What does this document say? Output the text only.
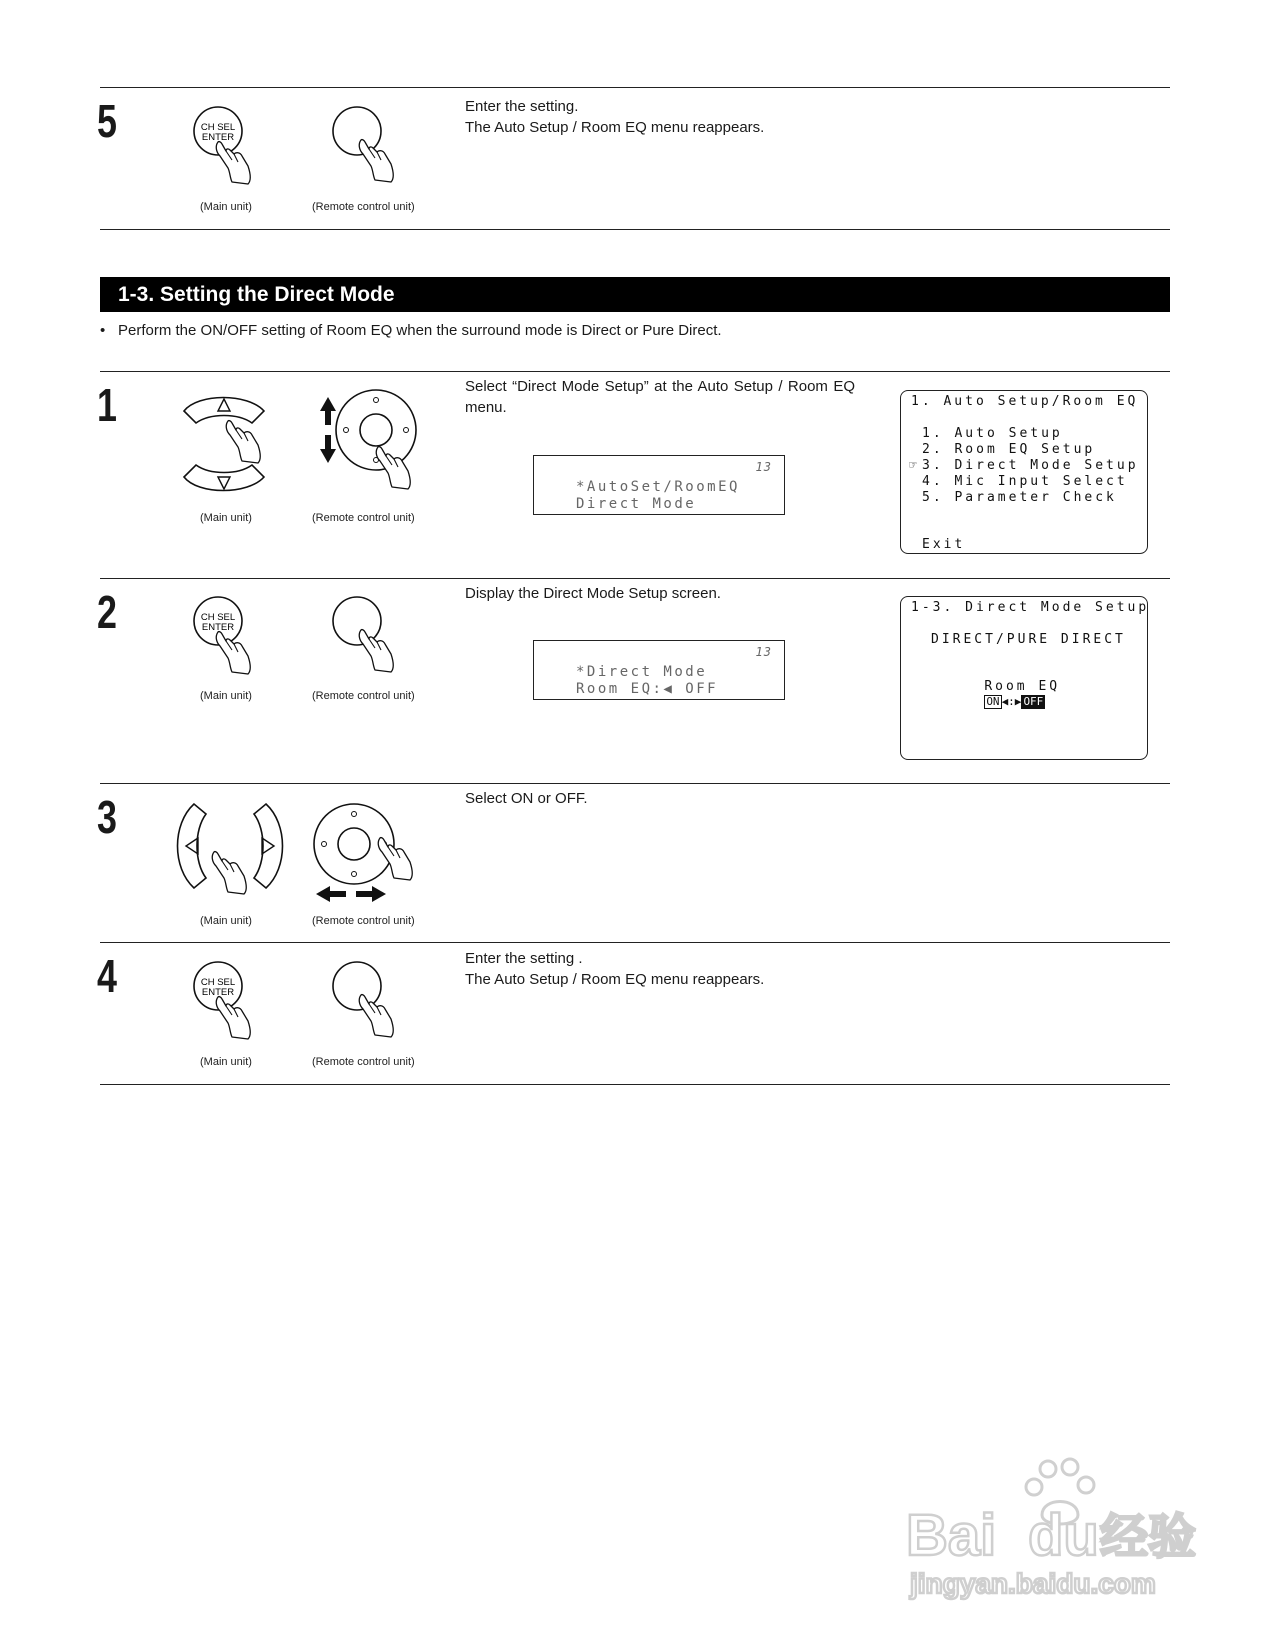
5	CH SEL
ENTER
(Main unit)	(Remote control unit)

Enter the setting.

The Auto Setup / Room EQ menu reappears.

1-3. Setting the Direct Mode
• Perform the ON/OFF setting of Room EQ when the surround mode is Direct or Pure Direct.
1
(Main unit)	(Remote control unit)

Select “Direct Mode Setup” at the Auto Setup / Room EQ menu.

13
*AutoSet/RoomEQ
Direct Mode
1. Auto Setup/Room EQ
1. Auto Setup
2. Room EQ Setup
☞ 3. Direct Mode Setup
4. Mic Input Select
5. Parameter Check
Exit
2	CH SEL
ENTER
(Main unit)	(Remote control unit)

Display the Direct Mode Setup screen.

13
*Direct Mode
Room EQ:◀ OFF
1-3. Direct Mode Setup
DIRECT/PURE DIRECT

Room EQ
ON ◀:▶ OFF

3
(Main unit)	(Remote control unit)

Select ON or OFF.

4	CH SEL
ENTER
(Main unit)	(Remote control unit)

Enter the setting .

The Auto Setup / Room EQ menu reappears.

Bai du 经验
jingyan.baidu.com
